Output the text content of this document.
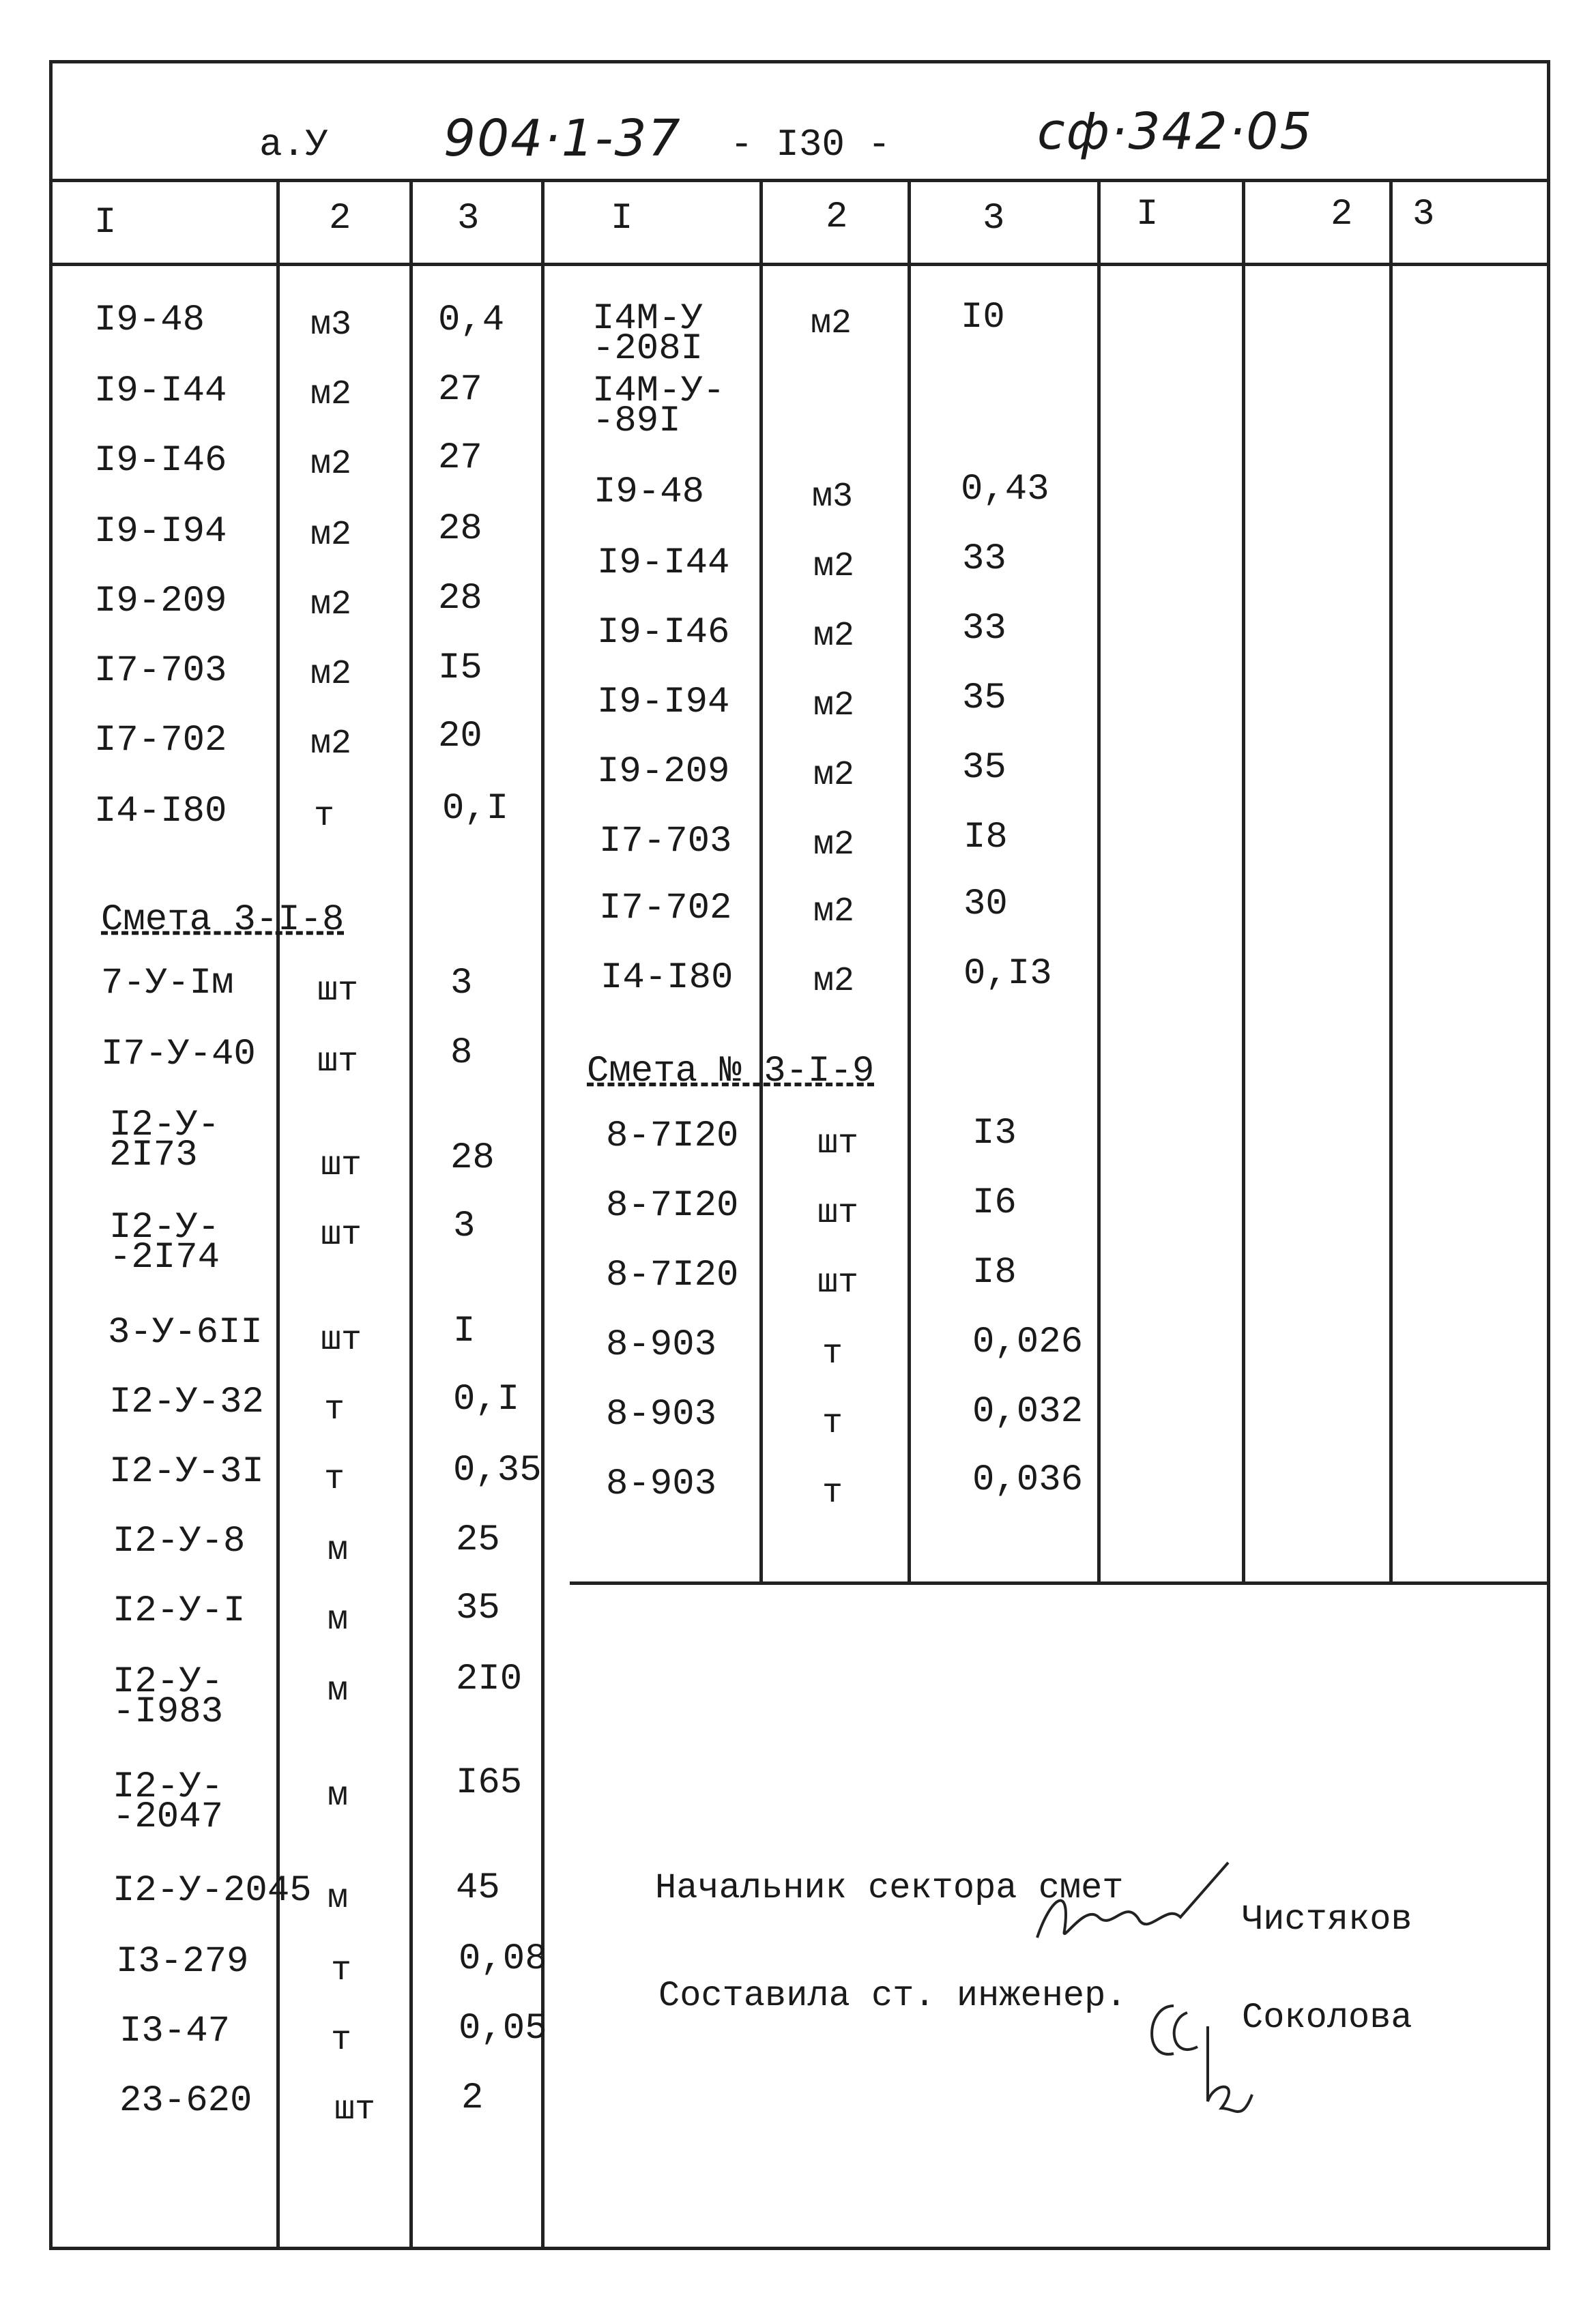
а.У 904·1-37 - I30 -	сф·342·05
I	2	3	I	2	3	I	2 3
I9-48	м3 0,4
I9-I44 м2 27
I9-I46 м2 27
I9-I94 м2 28
I9-209 м2 28
I7-703 м2 I5
I7-702 м2 20
I4-I80	т	0,I
Смета 3-I-8
7-У-Iм шт 3
I7-У-40 шт 8
I2-У-
2I73	шт 28
I2-У-
-2I74
шт 3
3-У-6II шт I
I2-У-32 т	0,I
I2-У-3I т	0,35
I2-У-8 м	25
I2-У-I м	35
I2-У-
-I983
м	2I0
I2-У-
-2047
м	I65
I2-У-2045 м	45
I3-279 т	0,08
I3-47	т	0,05
23-620 шт 2
I4М-У
-208I
м2	I0
I4М-У-
-89I
I9-48	м3	0,43
I9-I44 м2	33
I9-I46 м2	33
I9-I94 м2	35
I9-209 м2	35
I7-703 м2	I8
I7-702 м2	30
I4-I80 м2	0,I3
Смета № 3-I-9
8-7I20 шт	I3
8-7I20 шт	I6
8-7I20 шт	I8
8-903	т	0,026
8-903	т	0,032
8-903	т	0,036
Начальник сектора смет
Чистяков
Составила ст. инженер.
Соколова
